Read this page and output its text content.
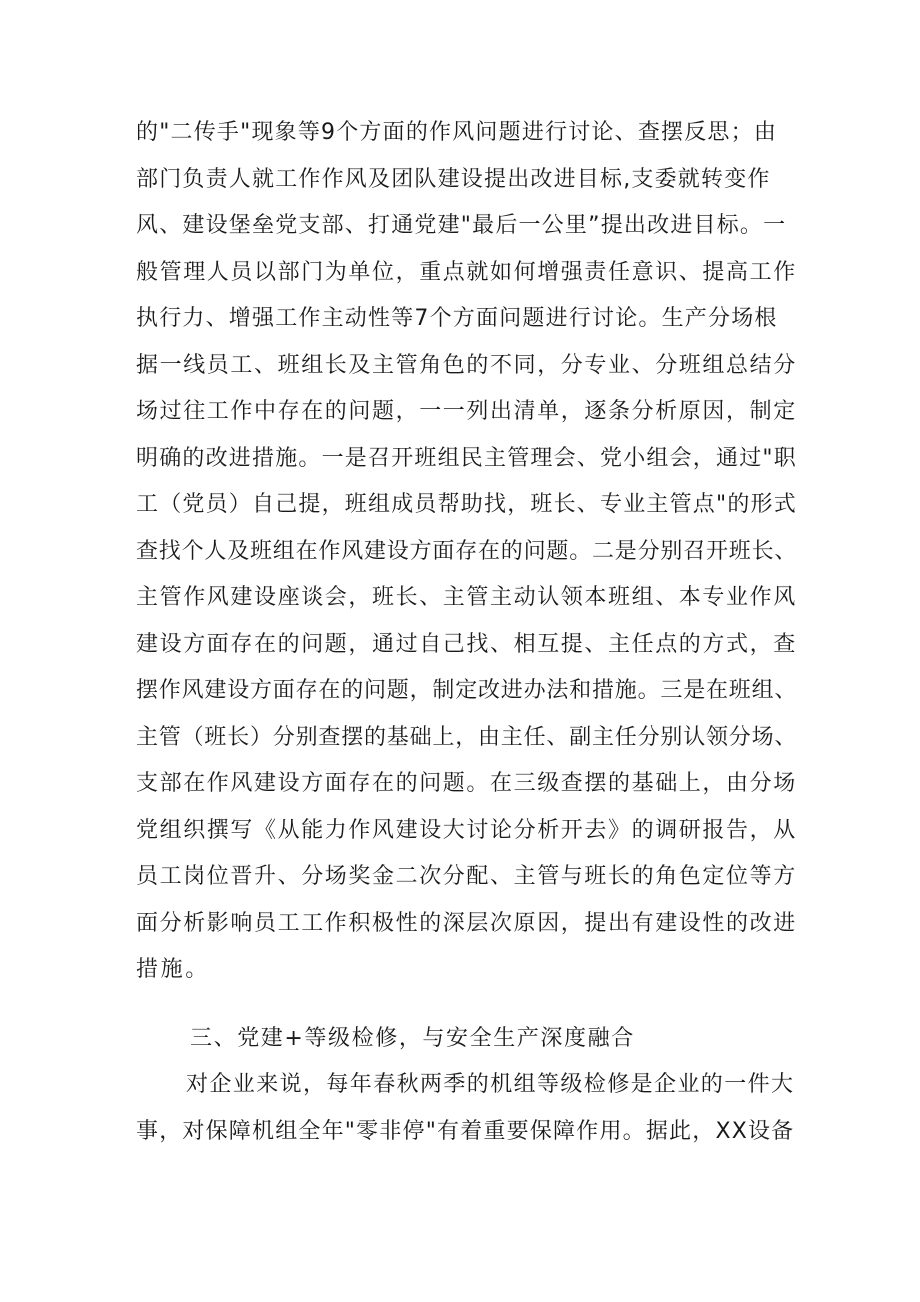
的"二传手"现象等9个方面的作风问题进行讨论、查摆反思；由
部门负责人就工作作风及团队建设提出改进目标,支委就转变作
风、建设堡垒党支部、打通党建"最后一公里”提出改进目标。一
般管理人员以部门为单位，重点就如何增强责任意识、提高工作
执行力、增强工作主动性等7个方面问题进行讨论。生产分场根
据一线员工、班组长及主管角色的不同，分专业、分班组总结分
场过往工作中存在的问题，一一列出清单，逐条分析原因，制定
明确的改进措施。一是召开班组民主管理会、党小组会，通过"职
工（党员）自己提，班组成员帮助找，班长、专业主管点"的形式
查找个人及班组在作风建设方面存在的问题。二是分别召开班长、
主管作风建设座谈会，班长、主管主动认领本班组、本专业作风
建设方面存在的问题，通过自己找、相互提、主任点的方式，查
摆作风建设方面存在的问题，制定改进办法和措施。三是在班组、
主管（班长）分别查摆的基础上，由主任、副主任分别认领分场、
支部在作风建设方面存在的问题。在三级查摆的基础上，由分场
党组织撰写《从能力作风建设大讨论分析开去》的调研报告，从
员工岗位晋升、分场奖金二次分配、主管与班长的角色定位等方
面分析影响员工工作积极性的深层次原因，提出有建设性的改进
措施。
三、党建+等级检修，与安全生产深度融合
对企业来说，每年春秋两季的机组等级检修是企业的一件大
事，对保障机组全年"零非停"有着重要保障作用。据此，XX设备
